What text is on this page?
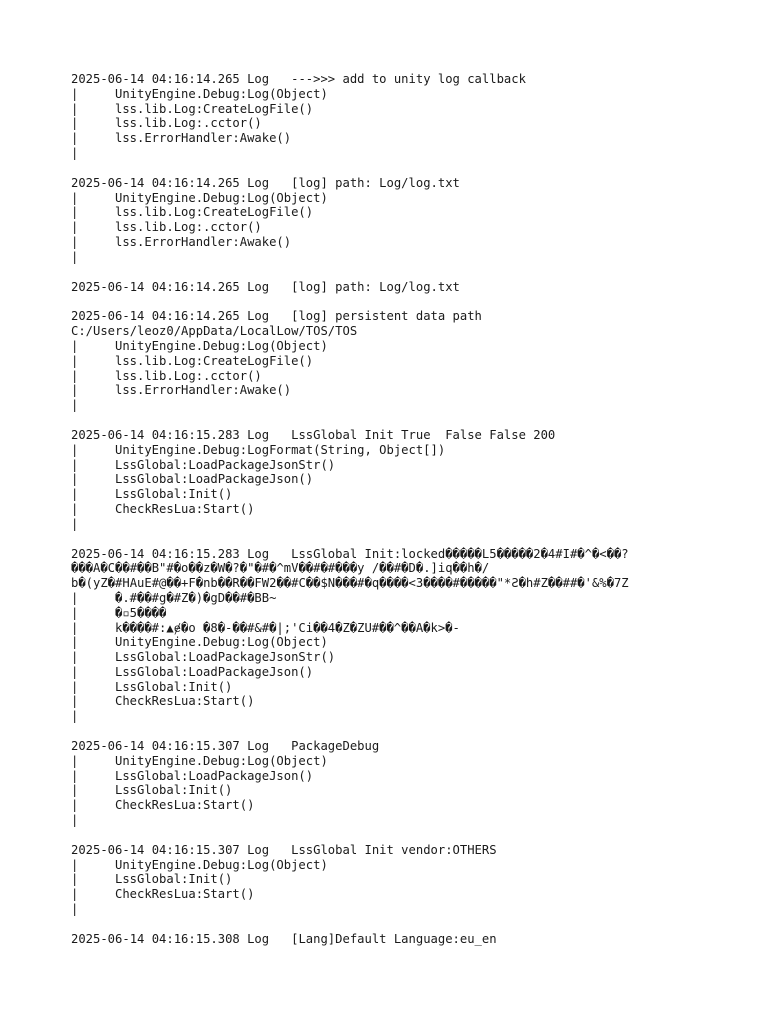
2025-06-14 04:16:14.265 Log   --->>> add to unity log callback
|	UnityEngine.Debug:Log(Object)
|	lss.lib.Log:CreateLogFile()
|	lss.lib.Log:.cctor()
|	lss.ErrorHandler:Awake()
|
2025-06-14 04:16:14.265 Log   [log] path: Log/log.txt
|	UnityEngine.Debug:Log(Object)
|	lss.lib.Log:CreateLogFile()
|	lss.lib.Log:.cctor()
|	lss.ErrorHandler:Awake()
|
2025-06-14 04:16:14.265 Log   [log] path: Log/log.txt
2025-06-14 04:16:14.265 Log   [log] persistent data path
C:/Users/leoz0/AppData/LocalLow/TOS/TOS
|	UnityEngine.Debug:Log(Object)
|	lss.lib.Log:CreateLogFile()
|	lss.lib.Log:.cctor()
|	lss.ErrorHandler:Awake()
|
2025-06-14 04:16:15.283 Log   LssGlobal Init True  False False 200
|	UnityEngine.Debug:LogFormat(String, Object[])
|	LssGlobal:LoadPackageJsonStr()
|	LssGlobal:LoadPackageJson()
|	LssGlobal:Init()
|	CheckResLua:Start()
|
2025-06-14 04:16:15.283 Log   LssGlobal Init:locked�����L5�����2�4#I#�^�<��?
���A�C��#��B"#�o��z�W�?�"�#�^mV��#�#���y /��#�D�.]iq��h�/
b�(yZ�#HAuE#@��+F�nb��R��FW2��#C��$N���#�q����<3����#�����"*Ƨ�h#Z��##�'&%�7Z
|	�.#��#g�#Z�)�gD��#�BB~
|	�▫5����
|	k����#:▲ɇ�o �8�-��#&#�|;'Ci��4�Z�ZU#��^��A�k>�-
|	UnityEngine.Debug:Log(Object)
|	LssGlobal:LoadPackageJsonStr()
|	LssGlobal:LoadPackageJson()
|	LssGlobal:Init()
|	CheckResLua:Start()
|
2025-06-14 04:16:15.307 Log   PackageDebug
|	UnityEngine.Debug:Log(Object)
|	LssGlobal:LoadPackageJson()
|	LssGlobal:Init()
|	CheckResLua:Start()
|
2025-06-14 04:16:15.307 Log   LssGlobal Init vendor:OTHERS
|	UnityEngine.Debug:Log(Object)
|	LssGlobal:Init()
|	CheckResLua:Start()
|
2025-06-14 04:16:15.308 Log   [Lang]Default Language:eu_en
